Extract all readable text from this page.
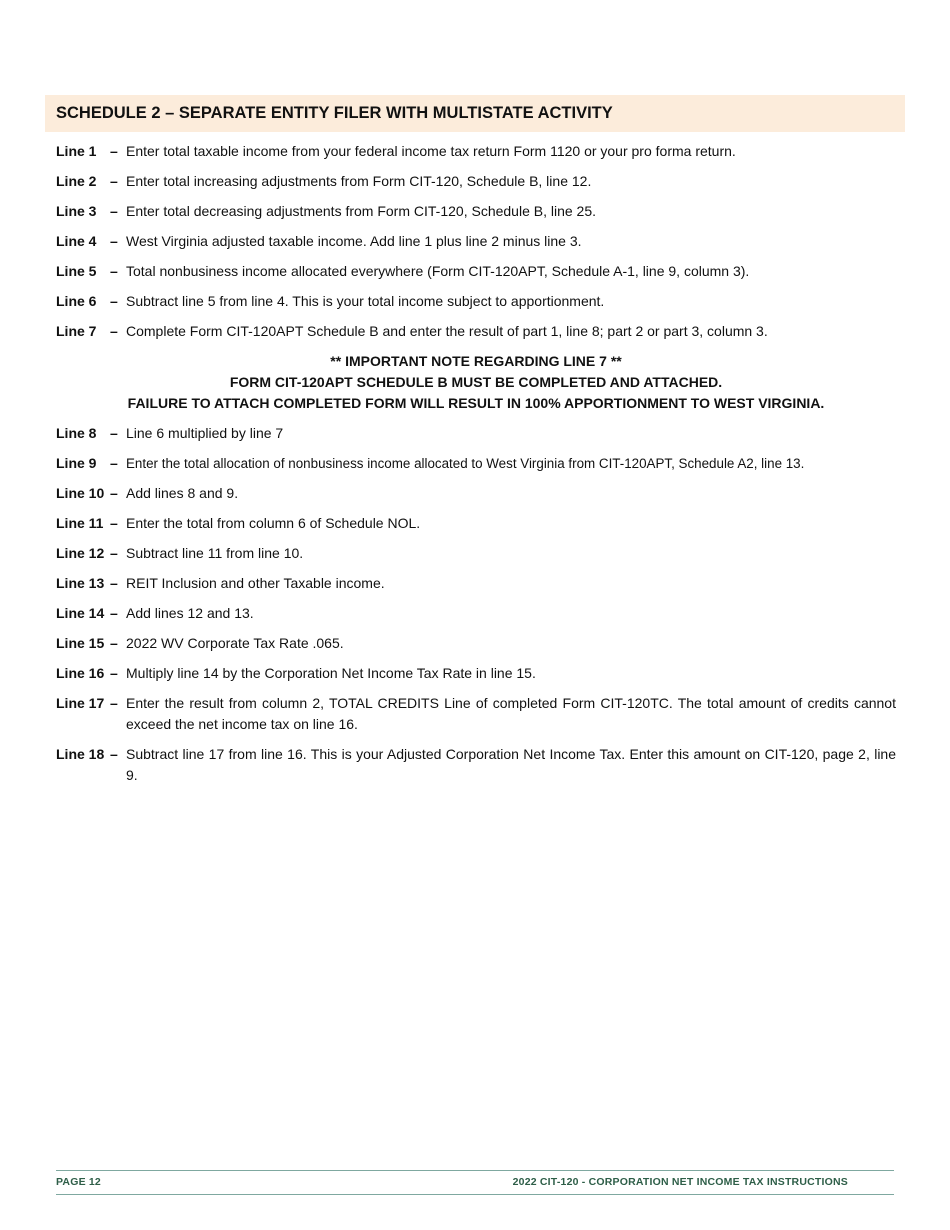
SCHEDULE 2 – SEPARATE ENTITY FILER WITH MULTISTATE ACTIVITY
Line 1 – Enter total taxable income from your federal income tax return Form 1120 or your pro forma return.
Line 2 – Enter total increasing adjustments from Form CIT-120, Schedule B, line 12.
Line 3 – Enter total decreasing adjustments from Form CIT-120, Schedule B, line 25.
Line 4 – West Virginia adjusted taxable income. Add line 1 plus line 2 minus line 3.
Line 5 – Total nonbusiness income allocated everywhere (Form CIT-120APT, Schedule A-1, line 9, column 3).
Line 6 – Subtract line 5 from line 4. This is your total income subject to apportionment.
Line 7 – Complete Form CIT-120APT Schedule B and enter the result of part 1, line 8; part 2 or part 3, column 3.
** IMPORTANT NOTE REGARDING LINE 7 **
FORM CIT-120APT SCHEDULE B MUST BE COMPLETED AND ATTACHED.
FAILURE TO ATTACH COMPLETED FORM WILL RESULT IN 100% APPORTIONMENT TO WEST VIRGINIA.
Line 8 – Line 6 multiplied by line 7
Line 9 – Enter the total allocation of nonbusiness income allocated to West Virginia from CIT-120APT, Schedule A2, line 13.
Line 10 – Add lines 8 and 9.
Line 11 – Enter the total from column 6 of Schedule NOL.
Line 12 – Subtract line 11 from line 10.
Line 13 – REIT Inclusion and other Taxable income.
Line 14 – Add lines 12 and 13.
Line 15 – 2022 WV Corporate Tax Rate .065.
Line 16 – Multiply line 14 by the Corporation Net Income Tax Rate in line 15.
Line 17 – Enter the result from column 2, TOTAL CREDITS Line of completed Form CIT-120TC. The total amount of credits cannot exceed the net income tax on line 16.
Line 18 – Subtract line 17 from line 16. This is your Adjusted Corporation Net Income Tax. Enter this amount on CIT-120, page 2, line 9.
PAGE 12	2022 CIT-120 - CORPORATION NET INCOME TAX INSTRUCTIONS
